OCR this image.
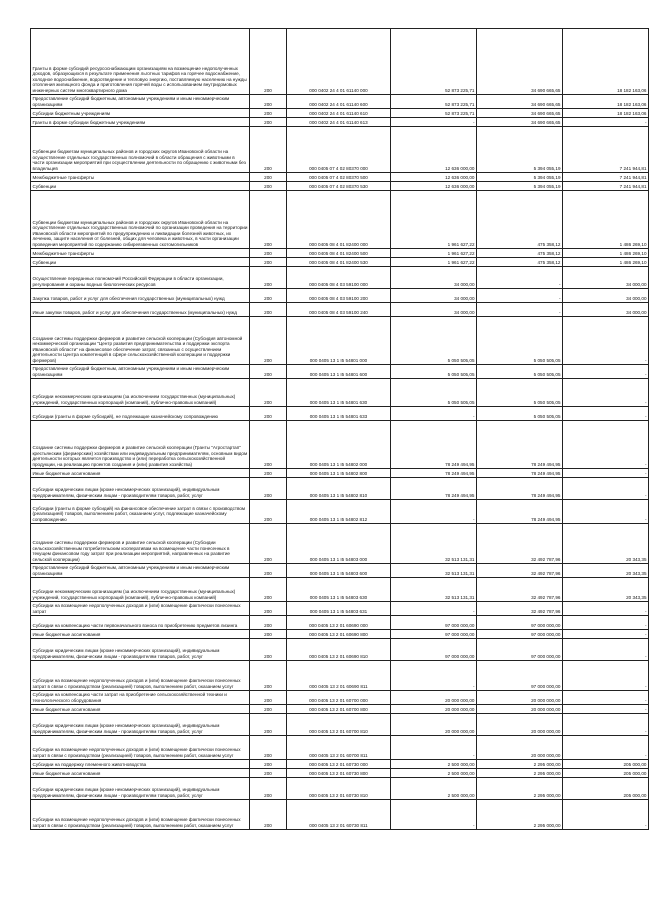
Гранты в форме субсидий ресурсоснабжающим организациям на возмещение недополученных доходов, образующихся в результате применения льготных тарифов на горячее водоснабжение, холодное водоснабжение, водоотведение и тепловую энергию, поставляемую населению на нужды отопления жилищного фонда и приготовления горячей воды с использованием внутридомовых инженерных систем многоквартирного дома	200	000 0402 24 4 01 61140 000	52 873 225,71	34 690 665,65	18 182 163,06
Предоставление субсидий бюджетным, автономным учреждениям и иным некоммерческим организациям	200	000 0402 24 4 01 61140 600	52 873 225,71	34 690 665,65	18 182 163,06
Субсидии бюджетным учреждениям	200	000 0402 24 4 01 61140 610	52 873 225,71	34 690 665,65	18 182 163,06
Гранты в форме субсидии бюджетным учреждениям	200	000 0402 24 4 01 61140 613	-	34 690 665,65	-
Субвенции бюджетам муниципальных районов и городских округов Ивановской области на осуществление отдельных государственных полномочий в области обращения с животными в части организации мероприятий при осуществлении деятельности по обращению с животными без владельцев	200	000 0405 07 4 02 80370 000	12 636 000,00	5 394 055,19	7 241 944,81
Межбюджетные трансферты	200	000 0405 07 4 02 80370 500	12 636 000,00	5 394 055,19	7 241 944,81
Субвенции	200	000 0405 07 4 02 80370 530	12 636 000,00	5 394 055,19	7 241 944,81
Субвенции бюджетам муниципальных районов и городских округов Ивановской области на осуществление отдельных государственных полномочий по организации проведения на территории Ивановской области мероприятий по предупреждению и ликвидации болезней животных, их лечению, защите населения от болезней, общих для человека и животных, в части организации проведения мероприятий по содержанию сибиреязвенных скотомогильников	200	000 0405 08 4 01 82400 000	1 961 627,22	475 358,12	1 486 269,10
Межбюджетные трансферты	200	000 0405 08 4 01 82400 500	1 961 627,22	475 358,12	1 486 269,10
Субвенции	200	000 0405 08 4 01 82400 530	1 961 627,22	475 358,12	1 486 269,10
Осуществление переданных полномочий Российской Федерации в области организации, регулирования и охраны водных биологических ресурсов	200	000 0405 08 4 03 59100 000	34 000,00	-	34 000,00
Закупка товаров, работ и услуг для обеспечения государственных (муниципальных) нужд	200	000 0405 08 4 03 59100 200	34 000,00	-	34 000,00
Иные закупки товаров, работ и услуг для обеспечения государственных (муниципальных) нужд	200	000 0405 08 4 03 59100 240	34 000,00	-	34 000,00
Создание системы поддержки фермеров и развитие сельской кооперации (Субсидия автономной некоммерческой организации "Центр развития предпринимательства и поддержки экспорта Ивановской области" на финансовое обеспечение затрат, связанных с осуществлением деятельности Центра компетенций в сфере сельскохозяйственной кооперации и поддержки фермеров)	200	000 0405 13 1 I5 54801 000	5 050 505,05	5 050 505,05	-
Предоставление субсидий бюджетным, автономным учреждениям и иным некоммерческим организациям	200	000 0405 13 1 I5 54801 600	5 050 505,05	5 050 505,05	-
Субсидии некоммерческим организациям (за исключением государственных (муниципальных) учреждений, государственных корпораций (компаний), публично-правовых компаний)	200	000 0405 13 1 I5 54801 630	5 050 505,05	5 050 505,05	-
Субсидии (гранты в форме субсидий), не подлежащие казначейскому сопровождению	200	000 0405 13 1 I5 54801 633	-	5 050 505,05	-
Создание системы поддержки фермеров и развитие сельской кооперации (Гранты "Агростартап" крестьянским (фермерским) хозяйствам или индивидуальным предпринимателям, основным видом деятельности которых является производство и (или) переработка сельскохозяйственной продукции, на реализацию проектов создания и (или) развития хозяйства)	200	000 0405 13 1 I5 54802 000	78 249 494,95	78 249 494,95	-
Иные бюджетные ассигнования	200	000 0405 13 1 I5 54802 800	78 249 494,95	78 249 494,95	-
Субсидии юридическим лицам (кроме некоммерческих организаций), индивидуальным предпринимателям, физическим лицам - производителям товаров, работ, услуг	200	000 0405 13 1 I5 54802 810	78 249 494,95	78 249 494,95	-
Субсидии (гранты в форме субсидий) на финансовое обеспечение затрат в связи с производством (реализацией) товаров, выполнением работ, оказанием услуг, подлежащие казначейскому сопровождению	200	000 0405 13 1 I5 54802 812	-	78 249 494,95	-
Создание системы поддержки фермеров и развитие сельской кооперации (Субсидии сельскохозяйственным потребительским кооперативам на возмещение части понесенных в текущем финансовом году затрат при реализации мероприятий, направленных на развитие сельской кооперации)	200	000 0405 13 1 I5 54803 000	32 513 131,31	32 492 787,96	20 343,35
Предоставление субсидий бюджетным, автономным учреждениям и иным некоммерческим организациям	200	000 0405 13 1 I5 54803 600	32 513 131,31	32 492 787,96	20 343,35
Субсидии некоммерческим организациям (за исключением государственных (муниципальных) учреждений, государственных корпораций (компаний), публично-правовых компаний)	200	000 0405 13 1 I5 54803 630	32 513 131,31	32 492 787,96	20 343,35
Субсидии на возмещение недополученных доходов и (или) возмещение фактически понесенных затрат	200	000 0405 13 1 I5 54803 631	-	32 492 787,96	-
Субсидии на компенсацию части первоначального взноса по приобретению предметов лизинга	200	000 0405 13 2 01 60690 000	97 000 000,00	97 000 000,00	-
Иные бюджетные ассигнования	200	000 0405 13 2 01 60690 800	97 000 000,00	97 000 000,00	-
Субсидии юридическим лицам (кроме некоммерческих организаций), индивидуальным предпринимателям, физическим лицам - производителям товаров, работ, услуг	200	000 0405 13 2 01 60690 810	97 000 000,00	97 000 000,00	-
Субсидии на возмещение недополученных доходов и (или) возмещение фактически понесенных затрат в связи с производством (реализацией) товаров, выполнением работ, оказанием услуг	200	000 0405 13 2 01 60690 811	-	97 000 000,00	-
Субсидии на компенсацию части затрат на приобретение сельскохозяйственной техники и технологического оборудования	200	000 0405 13 2 01 60700 000	20 000 000,00	20 000 000,00	-
Иные бюджетные ассигнования	200	000 0405 13 2 01 60700 800	20 000 000,00	20 000 000,00	-
Субсидии юридическим лицам (кроме некоммерческих организаций), индивидуальным предпринимателям, физическим лицам - производителям товаров, работ, услуг	200	000 0405 13 2 01 60700 810	20 000 000,00	20 000 000,00	-
Субсидии на возмещение недополученных доходов и (или) возмещение фактически понесенных затрат в связи с производством (реализацией) товаров, выполнением работ, оказанием услуг	200	000 0405 13 2 01 60700 811	-	20 000 000,00	-
Субсидии на поддержку племенного животноводства	200	000 0405 13 2 01 60730 000	2 500 000,00	2 295 000,00	205 000,00
Иные бюджетные ассигнования	200	000 0405 13 2 01 60730 800	2 500 000,00	2 295 000,00	205 000,00
Субсидии юридическим лицам (кроме некоммерческих организаций), индивидуальным предпринимателям, физическим лицам - производителям товаров, работ, услуг	200	000 0405 13 2 01 60730 810	2 500 000,00	2 295 000,00	205 000,00
Субсидии на возмещение недополученных доходов и (или) возмещение фактически понесенных затрат в связи с производством (реализацией) товаров, выполнением работ, оказанием услуг	200	000 0405 13 2 01 60730 811	-	2 295 000,00	-
